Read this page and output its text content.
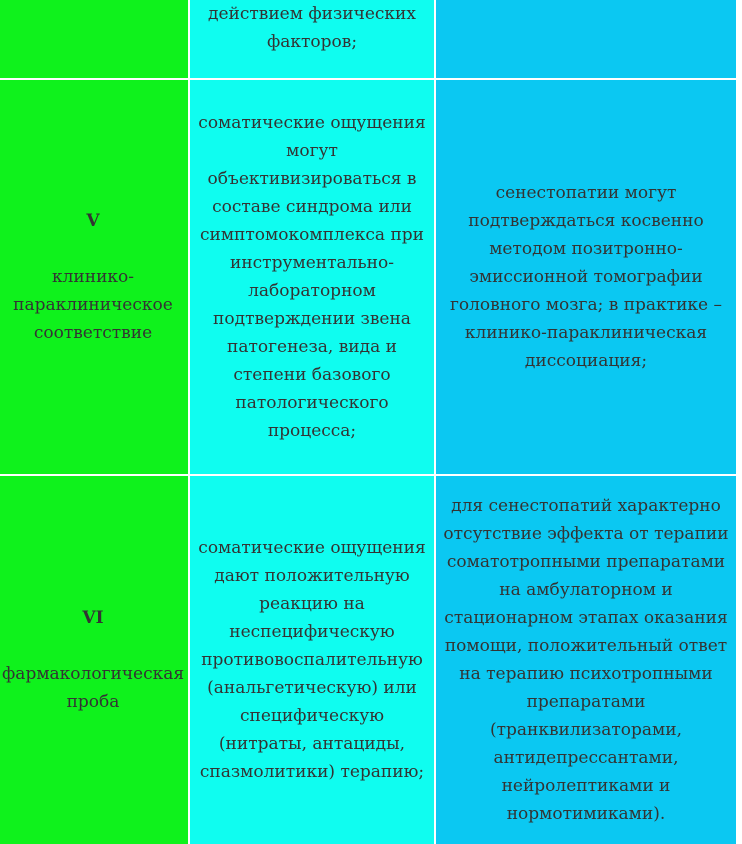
	действием физических факторов;	

V
клинико-параклиническое соответствие	соматические ощущения могут объективизироваться в составе синдрома или симптомокомплекса при инструментально-лабораторном подтверждении звена патогенеза, вида и степени базового патологического процесса;	сенестопатии могут подтверждаться косвенно методом позитронно-эмиссионной томографии головного мозга; в практике – клинико-параклиническая диссоциация;

VI
фармакологическая проба	соматические ощущения дают положительную реакцию на неспецифическую противовоспалительную (анальгетическую) или специфическую (нитраты, антациды, спазмолитики) терапию;	для сенестопатий характерно отсутствие эффекта от терапии соматотропными препаратами на амбулаторном и стационарном этапах оказания помощи, положительный ответ на терапию психотропными препаратами (транквилизаторами, антидепрессантами, нейролептиками и нормотимиками).
